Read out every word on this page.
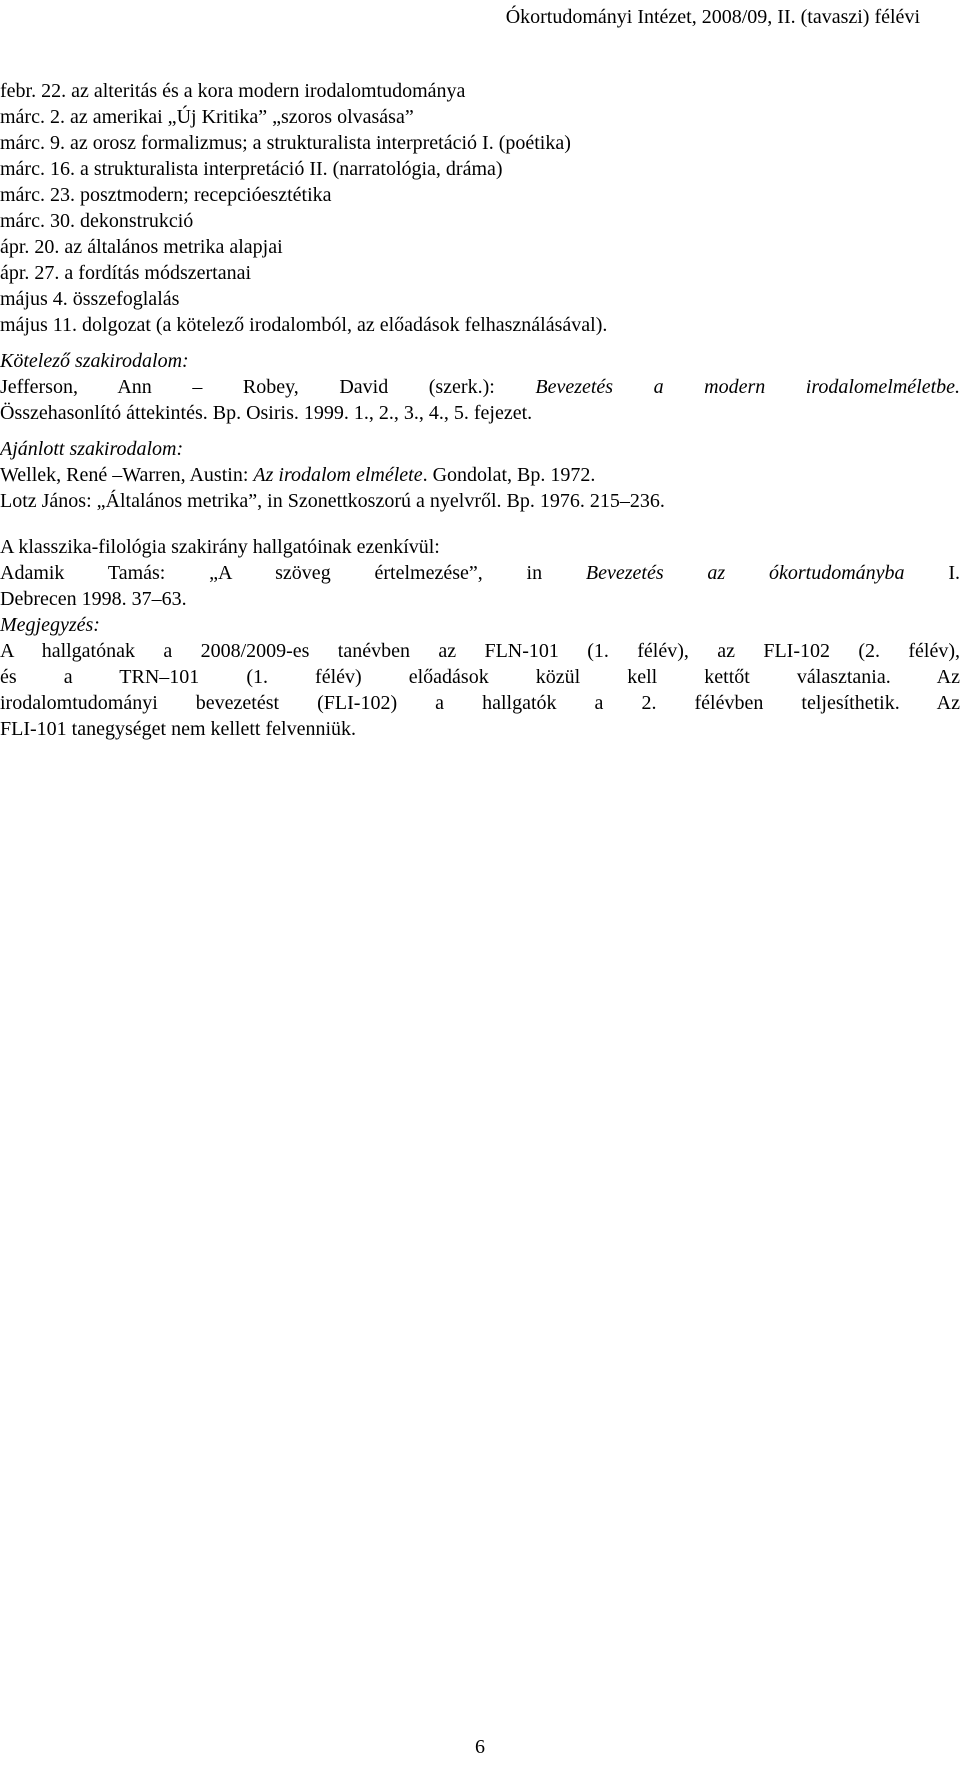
Ókortudományi Intézet, 2008/09, II. (tavaszi) félévi
febr. 22. az alteritás és a kora modern irodalomtudománya
márc. 2. az amerikai „Új Kritika” „szoros olvasása”
márc. 9. az orosz formalizmus; a strukturalista interpretáció I. (poétika)
márc. 16. a strukturalista interpretáció II. (narratológia, dráma)
márc. 23. posztmodern; recepcióesztétika
márc. 30. dekonstrukció
ápr. 20. az általános metrika alapjai
ápr. 27. a fordítás módszertanai
május 4. összefoglalás
május 11. dolgozat (a kötelező irodalomból, az előadások felhasználásával).
Kötelező szakirodalom:
Jefferson, Ann – Robey, David (szerk.): Bevezetés a modern irodalomelméletbe.
Összehasonlító áttekintés. Bp. Osiris. 1999. 1., 2., 3., 4., 5. fejezet.
Ajánlott szakirodalom:
Wellek, René –Warren, Austin: Az irodalom elmélete. Gondolat, Bp. 1972.
Lotz János: „Általános metrika”, in Szonettkoszorú a nyelvről. Bp. 1976. 215–236.
A klasszika-filológia szakirány hallgatóinak ezenkívül:
Adamik Tamás: „A szöveg értelmezése”, in Bevezetés az ókortudományba I.
Debrecen 1998. 37–63.
Megjegyzés:
A hallgatónak a 2008/2009-es tanévben az FLN-101 (1. félév), az FLI-102 (2. félév),
és a TRN–101 (1. félév) előadások közül kell kettőt választania. Az
irodalomtudományi bevezetést (FLI-102) a hallgatók a 2. félévben teljesíthetik. Az
FLI-101 tanegységet nem kellett felvenniük.
6
